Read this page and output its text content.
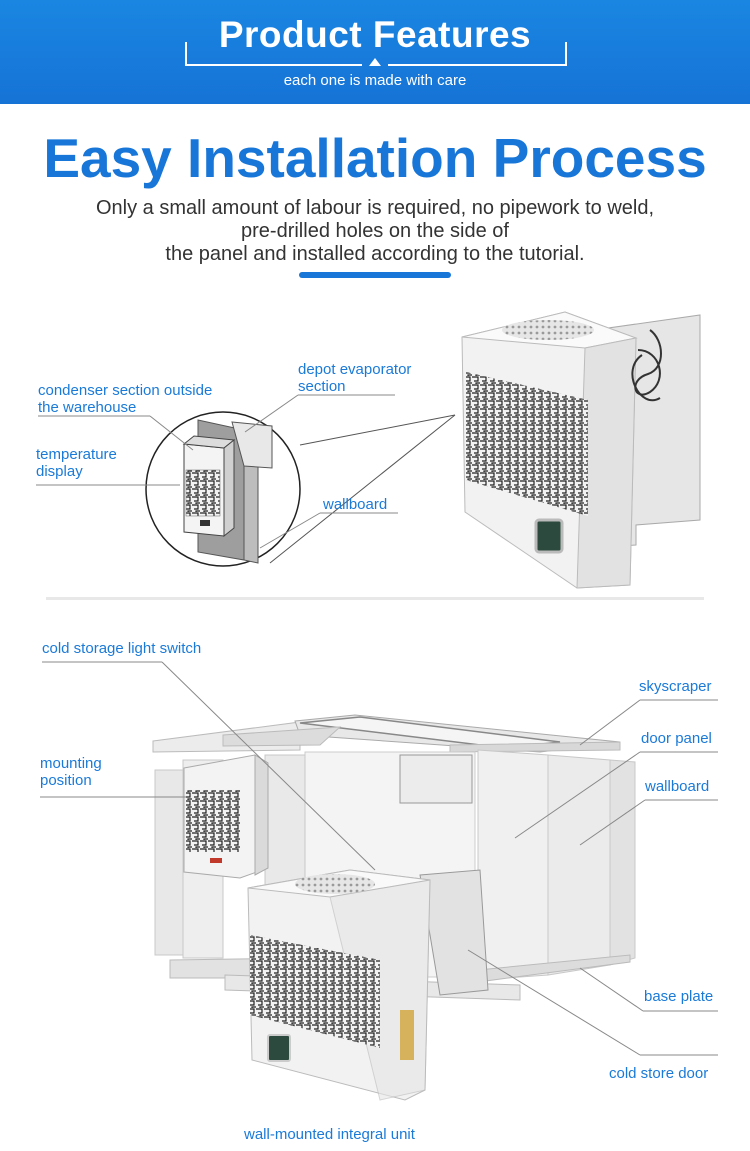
Product Features
each one is made with care
Easy Installation Process
Only a small amount of labour is required, no pipework to weld,
pre-drilled holes on the side of
the panel and installed according to the tutorial.
condenser section outside
the warehouse
temperature
display
depot evaporator
section
wallboard
cold storage light switch
mounting
position
skyscraper
door panel
wallboard
base plate
cold store door
wall-mounted integral unit
